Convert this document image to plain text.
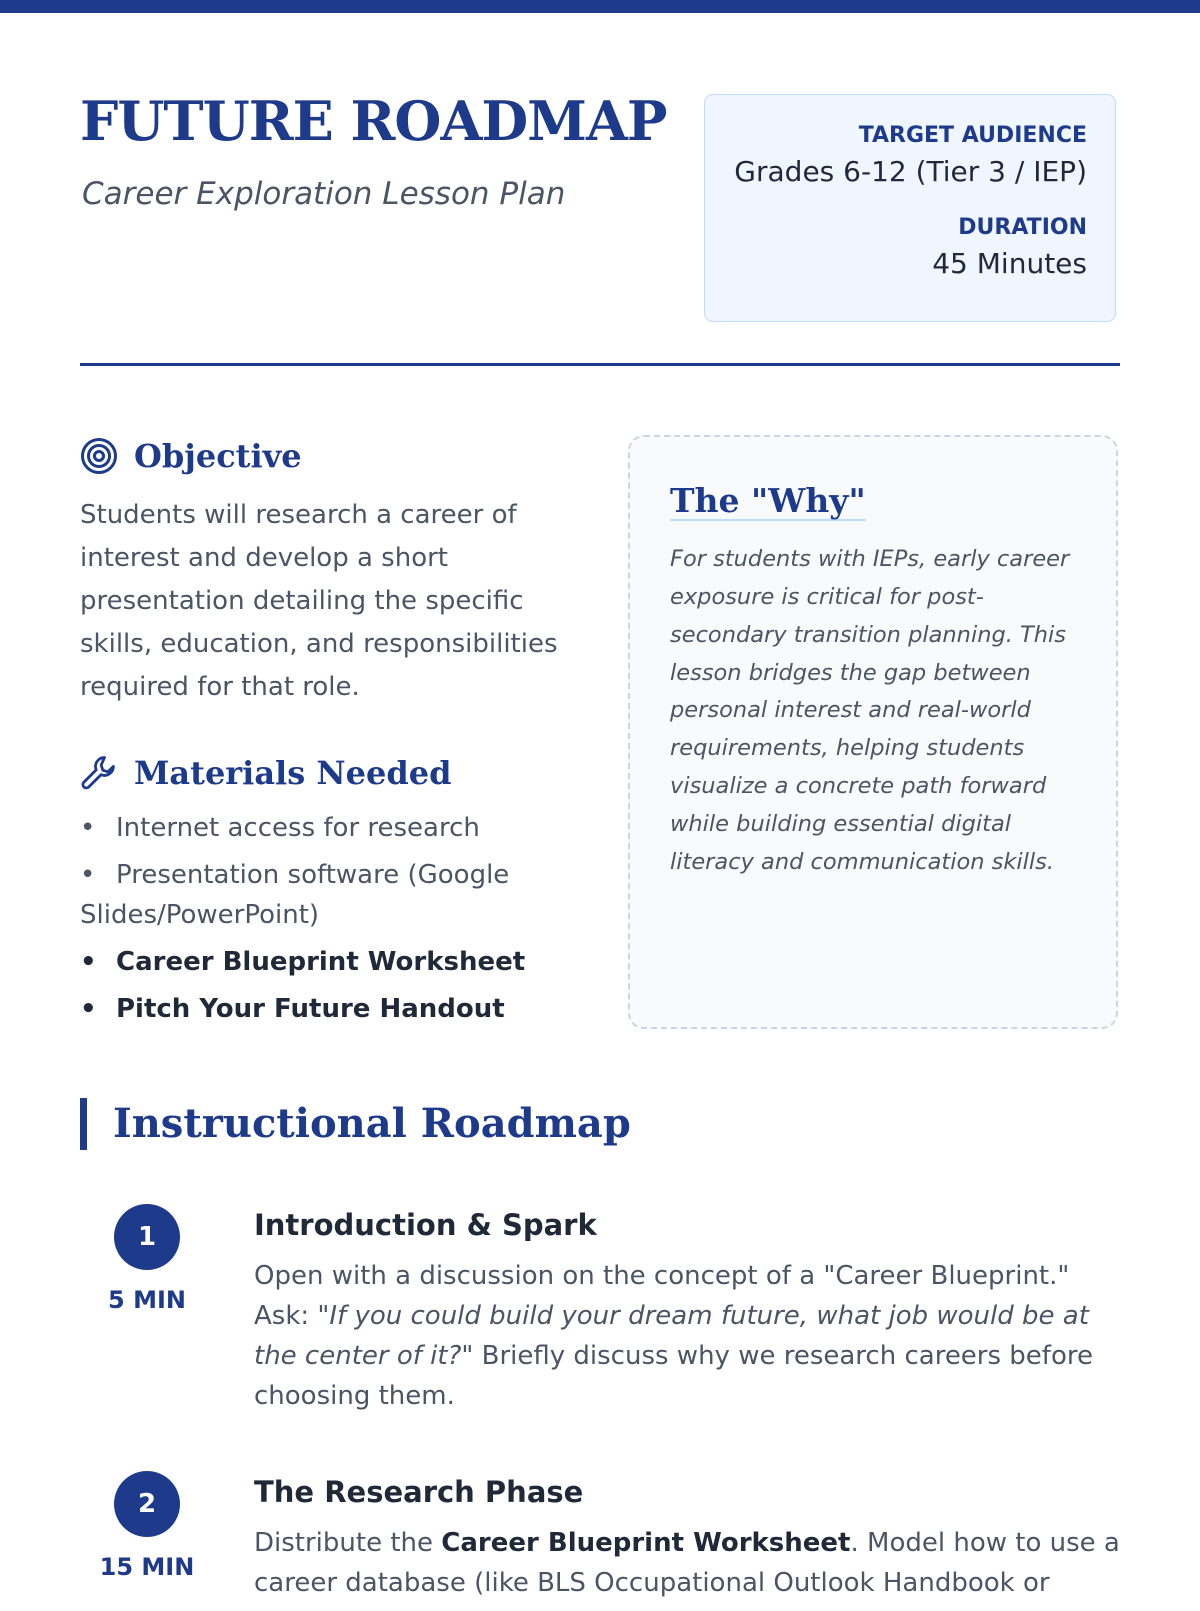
FUTURE ROADMAP

Career Exploration Lesson Plan

TARGET AUDIENCE

Grades 6-12 (Tier 3 / IEP)

DURATION

45 Minutes

Objective

Students will research a career of interest and develop a short presentation detailing the specific skills, education, and responsibilities required for that role.

Materials Needed
• Internet access for research
• Presentation software (Google Slides/PowerPoint)
• Career Blueprint Worksheet
• Pitch Your Future Handout
The "Why"

For students with IEPs, early career exposure is critical for post-secondary transition planning. This lesson bridges the gap between personal interest and real-world requirements, helping students visualize a concrete path forward while building essential digital literacy and communication skills.

Instructional Roadmap
1
5 MIN
Introduction & Spark

Open with a discussion on the concept of a "Career Blueprint." Ask: "If you could build your dream future, what job would be at the center of it?" Briefly discuss why we research careers before choosing them.

2
15 MIN
The Research Phase

Distribute the Career Blueprint Worksheet. Model how to use a career database (like BLS Occupational Outlook Handbook or
